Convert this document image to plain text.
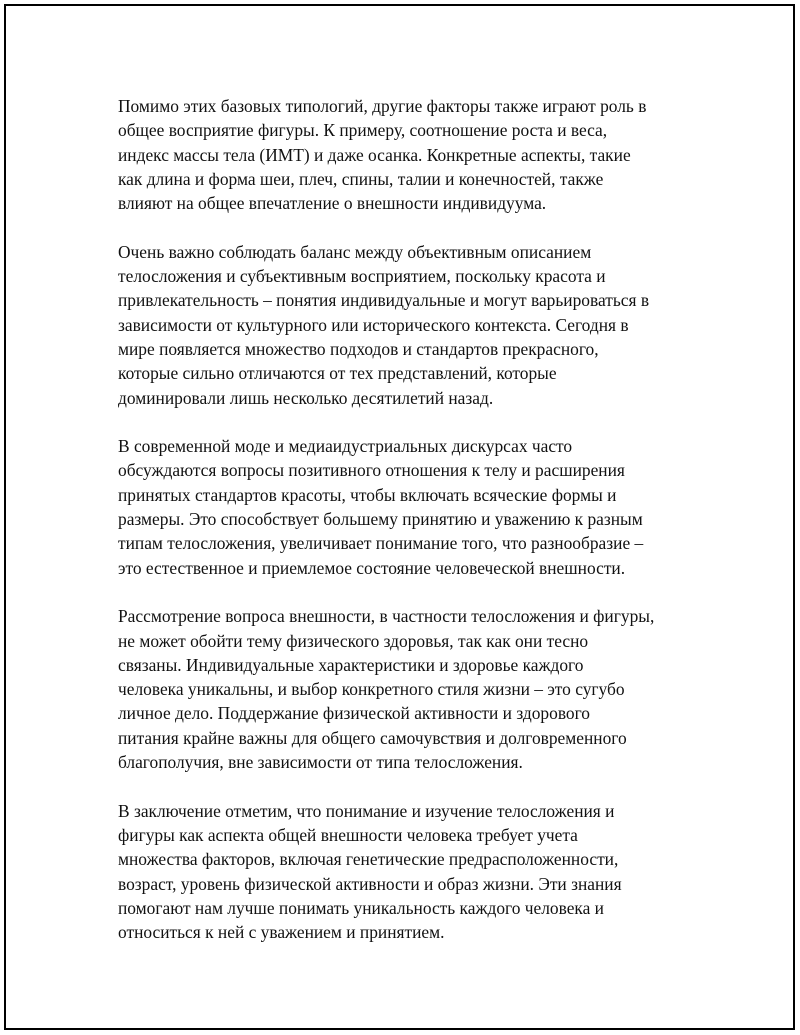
Помимо этих базовых типологий, другие факторы также играют роль в
общее восприятие фигуры. К примеру, соотношение роста и веса,
индекс массы тела (ИМТ) и даже осанка. Конкретные аспекты, такие
как длина и форма шеи, плеч, спины, талии и конечностей, также
влияют на общее впечатление о внешности индивидуума.

Очень важно соблюдать баланс между объективным описанием
телосложения и субъективным восприятием, поскольку красота и
привлекательность – понятия индивидуальные и могут варьироваться в
зависимости от культурного или исторического контекста. Сегодня в
мире появляется множество подходов и стандартов прекрасного,
которые сильно отличаются от тех представлений, которые
доминировали лишь несколько десятилетий назад.

В современной моде и медиаидустриальных дискурсах часто
обсуждаются вопросы позитивного отношения к телу и расширения
принятых стандартов красоты, чтобы включать всяческие формы и
размеры. Это способствует большему принятию и уважению к разным
типам телосложения, увеличивает понимание того, что разнообразие –
это естественное и приемлемое состояние человеческой внешности.

Рассмотрение вопроса внешности, в частности телосложения и фигуры,
не может обойти тему физического здоровья, так как они тесно
связаны. Индивидуальные характеристики и здоровье каждого
человека уникальны, и выбор конкретного стиля жизни – это сугубо
личное дело. Поддержание физической активности и здорового
питания крайне важны для общего самочувствия и долговременного
благополучия, вне зависимости от типа телосложения.

В заключение отметим, что понимание и изучение телосложения и
фигуры как аспекта общей внешности человека требует учета
множества факторов, включая генетические предрасположенности,
возраст, уровень физической активности и образ жизни. Эти знания
помогают нам лучше понимать уникальность каждого человека и
относиться к ней с уважением и принятием.
